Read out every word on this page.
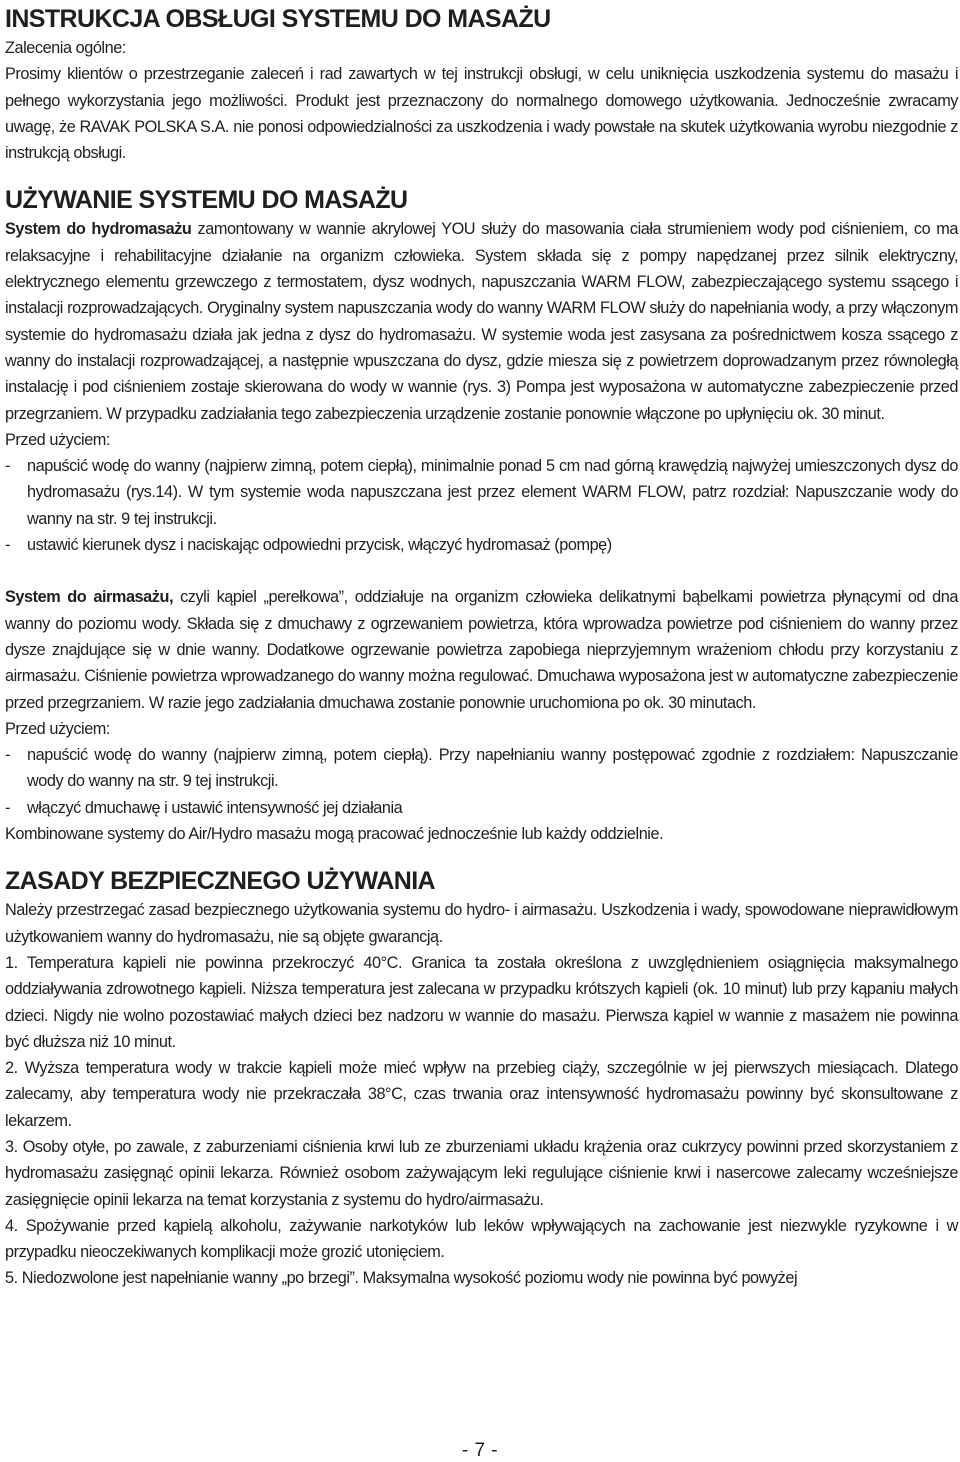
INSTRUKCJA OBSŁUGI SYSTEMU DO MASAŻU

Zalecenia ogólne:

Prosimy klientów o przestrzeganie zaleceń i rad zawartych w tej instrukcji obsługi, w celu uniknięcia uszkodzenia systemu do masażu i pełnego wykorzystania jego możliwości. Produkt jest przeznaczony do normalnego domowego użytkowania. Jednocześnie zwracamy uwagę, że RAVAK POLSKA S.A. nie ponosi odpowiedzialności za uszkodzenia i wady powstałe na skutek użytkowania wyrobu niezgodnie z instrukcją obsługi.

UŻYWANIE SYSTEMU DO MASAŻU

System do hydromasażu zamontowany w wannie akrylowej YOU służy do masowania ciała strumieniem wody pod ciśnieniem, co ma relaksacyjne i rehabilitacyjne działanie na organizm człowieka. System składa się z pompy napędzanej przez silnik elektryczny, elektrycznego elementu grzewczego z termostatem, dysz wodnych, napuszczania WARM FLOW, zabezpieczającego systemu ssącego i instalacji rozprowadzających. Oryginalny system napuszczania wody do wanny WARM FLOW służy do napełniania wody, a przy włączonym systemie do hydromasażu działa jak jedna z dysz do hydromasażu. W systemie woda jest zasysana za pośrednictwem kosza ssącego z wanny do instalacji rozprowadzającej, a następnie wpuszczana do dysz, gdzie miesza się z powietrzem doprowadzanym przez równoległą instalację i pod ciśnieniem zostaje skierowana do wody w wannie (rys. 3) Pompa jest wyposażona w automatyczne zabezpieczenie przed przegrzaniem. W przypadku zadziałania tego zabezpieczenia urządzenie zostanie ponownie włączone po upłynięciu ok. 30 minut.

Przed użyciem:

-	napuścić wodę do wanny (najpierw zimną, potem ciepłą), minimalnie ponad 5 cm nad górną krawędzią najwyżej umieszczonych dysz do hydromasażu (rys.14). W tym systemie woda napuszczana jest przez element WARM FLOW, patrz rozdział: Napuszczanie wody do wanny na str. 9 tej instrukcji.
-	ustawić kierunek dysz i naciskając odpowiedni przycisk, włączyć hydromasaż (pompę)

System do airmasażu, czyli kąpiel „perełkowa”, oddziałuje na organizm człowieka delikatnymi bąbelkami powietrza płynącymi od dna wanny do poziomu wody. Składa się z dmuchawy z ogrzewaniem powietrza, która wprowadza powietrze pod ciśnieniem do wanny przez dysze znajdujące się w dnie wanny. Dodatkowe ogrzewanie powietrza zapobiega nieprzyjemnym wrażeniom chłodu przy korzystaniu z airmasażu. Ciśnienie powietrza wprowadzanego do wanny można regulować. Dmuchawa wyposażona jest w automatyczne zabezpieczenie przed przegrzaniem. W razie jego zadziałania dmuchawa zostanie ponownie uruchomiona po ok. 30 minutach.

Przed użyciem:

-	napuścić wodę do wanny (najpierw zimną, potem ciepłą). Przy napełnianiu wanny postępować zgodnie z rozdziałem: Napuszczanie wody do wanny na str. 9 tej instrukcji.
-	włączyć dmuchawę i ustawić intensywność jej działania

Kombinowane systemy do Air/Hydro masażu mogą pracować jednocześnie lub każdy oddzielnie.

ZASADY BEZPIECZNEGO UŻYWANIA

Należy przestrzegać zasad bezpiecznego użytkowania systemu do hydro- i airmasażu. Uszkodzenia i wady, spowodowane nieprawidłowym użytkowaniem wanny do hydromasażu, nie są objęte gwarancją.

1. Temperatura kąpieli nie powinna przekroczyć 40°C. Granica ta została określona z uwzględnieniem osiągnięcia maksymalnego oddziaływania zdrowotnego kąpieli. Niższa temperatura jest zalecana w przypadku krótszych kąpieli (ok. 10 minut) lub przy kąpaniu małych dzieci. Nigdy nie wolno pozostawiać małych dzieci bez nadzoru w wannie do masażu. Pierwsza kąpiel w wannie z masażem nie powinna być dłuższa niż 10 minut.

2. Wyższa temperatura wody w trakcie kąpieli może mieć wpływ na przebieg ciąży, szczególnie w jej pierwszych miesiącach. Dlatego zalecamy, aby temperatura wody nie przekraczała 38°C, czas trwania oraz intensywność hydromasażu powinny być skonsultowane z lekarzem.

3. Osoby otyłe, po zawale, z zaburzeniami ciśnienia krwi lub ze zburzeniami układu krążenia oraz cukrzycy powinni przed skorzystaniem z hydromasażu zasięgnąć opinii lekarza. Również osobom zażywającym leki regulujące ciśnienie krwi i nasercowe zalecamy wcześniejsze zasięgnięcie opinii lekarza na temat korzystania z systemu do hydro/airmasażu.

4. Spożywanie przed kąpielą alkoholu, zażywanie narkotyków lub leków wpływających na zachowanie jest niezwykle ryzykowne i w przypadku nieoczekiwanych komplikacji może grozić utonięciem.

5. Niedozwolone jest napełnianie wanny „po brzegi”. Maksymalna wysokość poziomu wody nie powinna być powyżej

- 7 -
